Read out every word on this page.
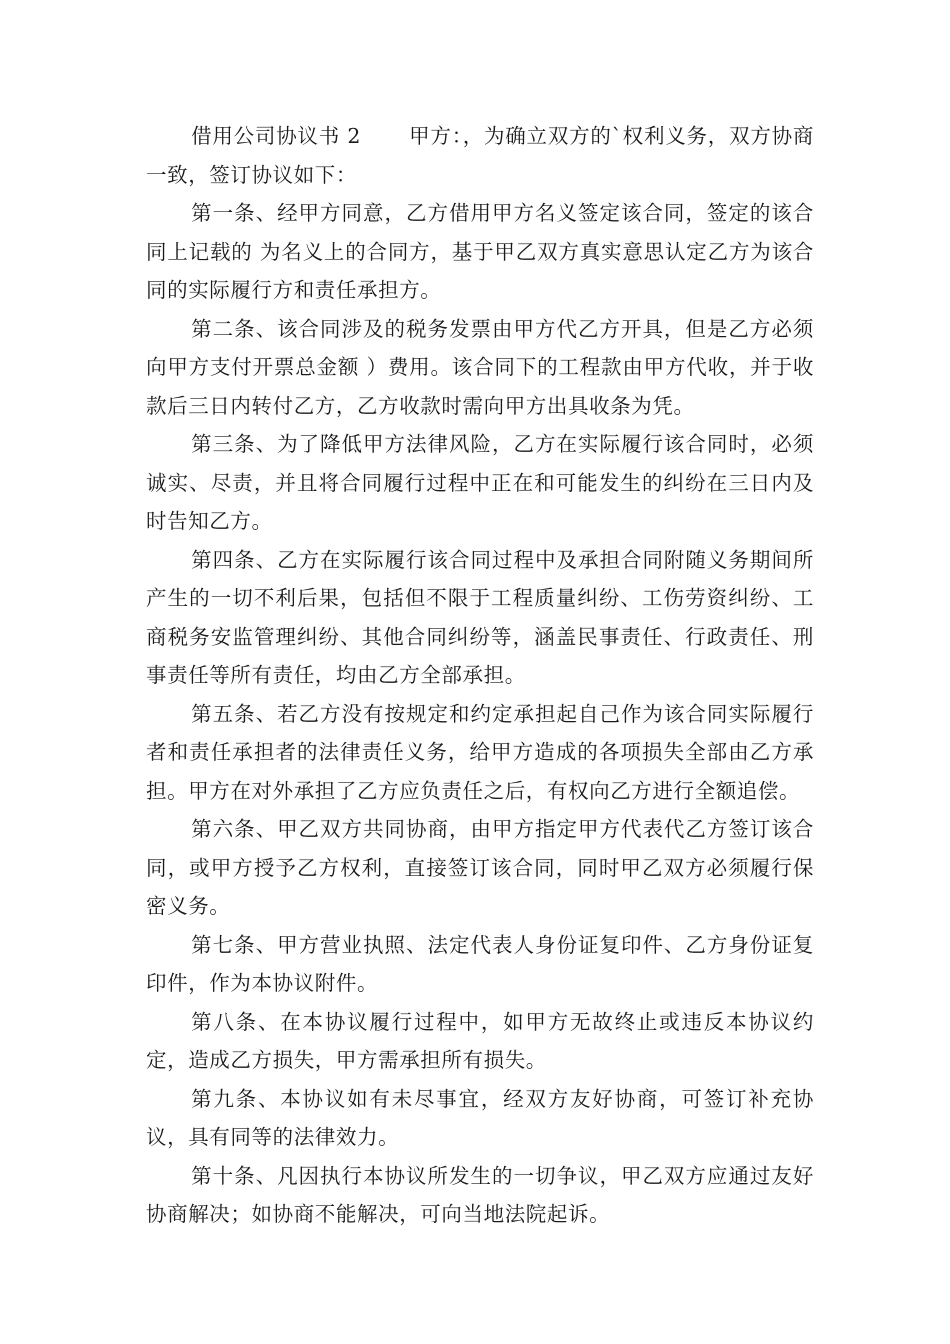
借用公司协议书 2 甲方：，为确立双方的`权利义务，双方协商一致，签订协议如下：

第一条、经甲方同意，乙方借用甲方名义签定该合同，签定的该合同上记载的 为名义上的合同方，基于甲乙双方真实意思认定乙方为该合同的实际履行方和责任承担方。

第二条、该合同涉及的税务发票由甲方代乙方开具，但是乙方必须向甲方支付开票总金额 ）费用。该合同下的工程款由甲方代收，并于收款后三日内转付乙方，乙方收款时需向甲方出具收条为凭。

第三条、为了降低甲方法律风险，乙方在实际履行该合同时，必须诚实、尽责，并且将合同履行过程中正在和可能发生的纠纷在三日内及时告知乙方。

第四条、乙方在实际履行该合同过程中及承担合同附随义务期间所产生的一切不利后果，包括但不限于工程质量纠纷、工伤劳资纠纷、工商税务安监管理纠纷、其他合同纠纷等，涵盖民事责任、行政责任、刑事责任等所有责任，均由乙方全部承担。

第五条、若乙方没有按规定和约定承担起自己作为该合同实际履行者和责任承担者的法律责任义务，给甲方造成的各项损失全部由乙方承担。甲方在对外承担了乙方应负责任之后，有权向乙方进行全额追偿。

第六条、甲乙双方共同协商，由甲方指定甲方代表代乙方签订该合同，或甲方授予乙方权利，直接签订该合同，同时甲乙双方必须履行保密义务。

第七条、甲方营业执照、法定代表人身份证复印件、乙方身份证复印件，作为本协议附件。

第八条、在本协议履行过程中，如甲方无故终止或违反本协议约定，造成乙方损失，甲方需承担所有损失。

第九条、本协议如有未尽事宜，经双方友好协商，可签订补充协议，具有同等的法律效力。

第十条、凡因执行本协议所发生的一切争议，甲乙双方应通过友好协商解决；如协商不能解决，可向当地法院起诉。
